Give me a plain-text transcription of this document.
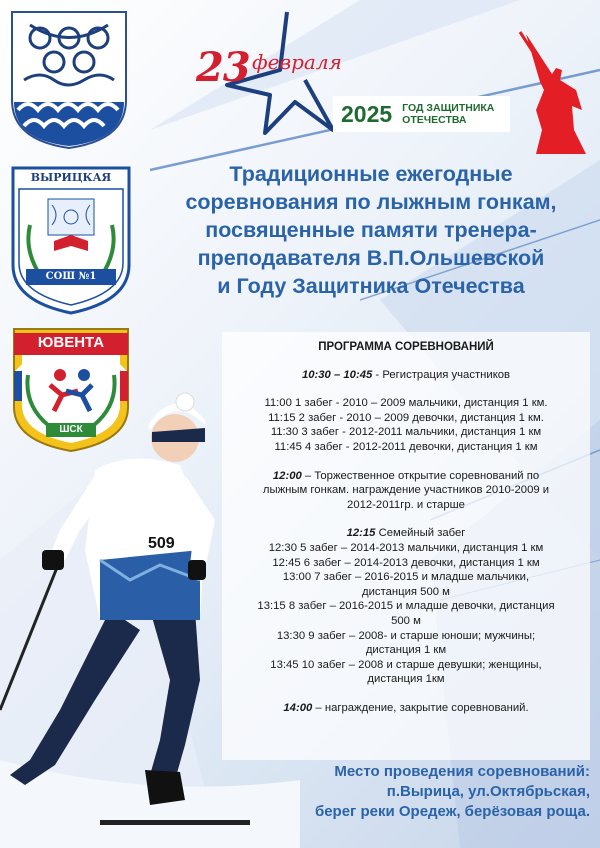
ВЫРИЦКАЯ
СОШ №1
ЮВЕНТА
ШСК
23 февраля
2025 ГОД ЗАЩИТНИКА
ОТЕЧЕСТВА
Традиционные ежегодные
соревнования по лыжным гонкам,
посвященные памяти тренера-
преподавателя В.П.Ольшевской
и Году Защитника Отечества
509
ПРОГРАММА СОРЕВНОВАНИЙ
10:30 – 10:45 - Регистрация участников
11:00 1 забег - 2010 – 2009 мальчики, дистанция 1 км.
11:15 2 забег - 2010 – 2009 девочки, дистанция 1 км.
11:30 3 забег - 2012-2011 мальчики, дистанция 1 км
11:45 4 забег - 2012-2011 девочки, дистанция 1 км
12:00 – Торжественное открытие соревнований по
лыжным гонкам. награждение участников 2010-2009 и
2012-2011гр. и старше
12:15 Семейный забег
12:30 5 забег – 2014-2013 мальчики, дистанция 1 км
12:45 6 забег – 2014-2013 девочки, дистанция 1 км
13:00 7 забег – 2016-2015 и младше мальчики,
дистанция 500 м
13:15 8 забег – 2016-2015 и младше девочки, дистанция
500 м
13:30 9 забег – 2008- и старше юноши; мужчины;
дистанция 1 км
13:45 10 забег – 2008 и старше девушки; женщины,
дистанция 1км
14:00 – награждение, закрытие соревнований.
Место проведения соревнований:
п.Вырица, ул.Октябрьская,
берег реки Оредеж, берёзовая роща.
